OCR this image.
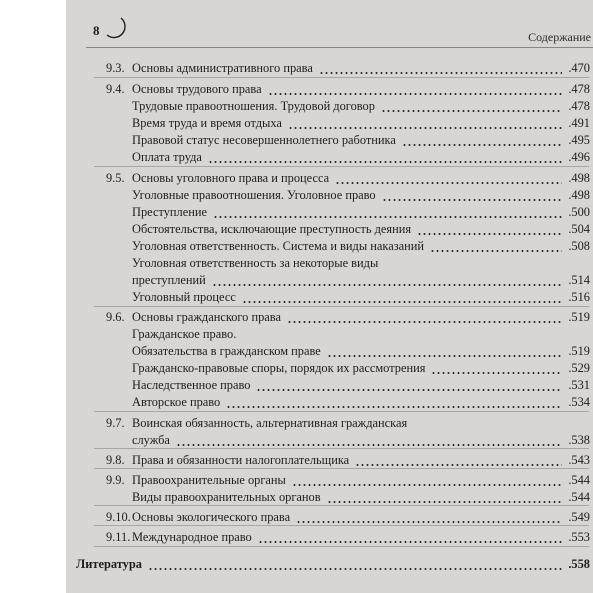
8	Содержание
9.3. Основы административного права	.470
9.4. Основы трудового права	.478
Трудовые правоотношения. Трудовой договор	.478
Время труда и время отдыха	.491
Правовой статус несовершеннолетнего работника	.495
Оплата труда	.496
9.5. Основы уголовного права и процесса	.498
Уголовные правоотношения. Уголовное право	.498
Преступление	.500
Обстоятельства, исключающие преступность деяния	.504
Уголовная ответственность. Система и виды наказаний	.508
Уголовная ответственность за некоторые виды
преступлений	.514
Уголовный процесс	.516
9.6. Основы гражданского права	.519
Гражданское право.
Обязательства в гражданском праве	.519
Гражданско-правовые споры, порядок их рассмотрения	.529
Наследственное право	.531
Авторское право	.534
9.7. Воинская обязанность, альтернативная гражданская
служба	.538
9.8. Права и обязанности налогоплательщика	.543
9.9. Правоохранительные органы	.544
Виды правоохранительных органов	.544
9.10.Основы экологического права	.549
9.11. Международное право	.553
Литература	.558
